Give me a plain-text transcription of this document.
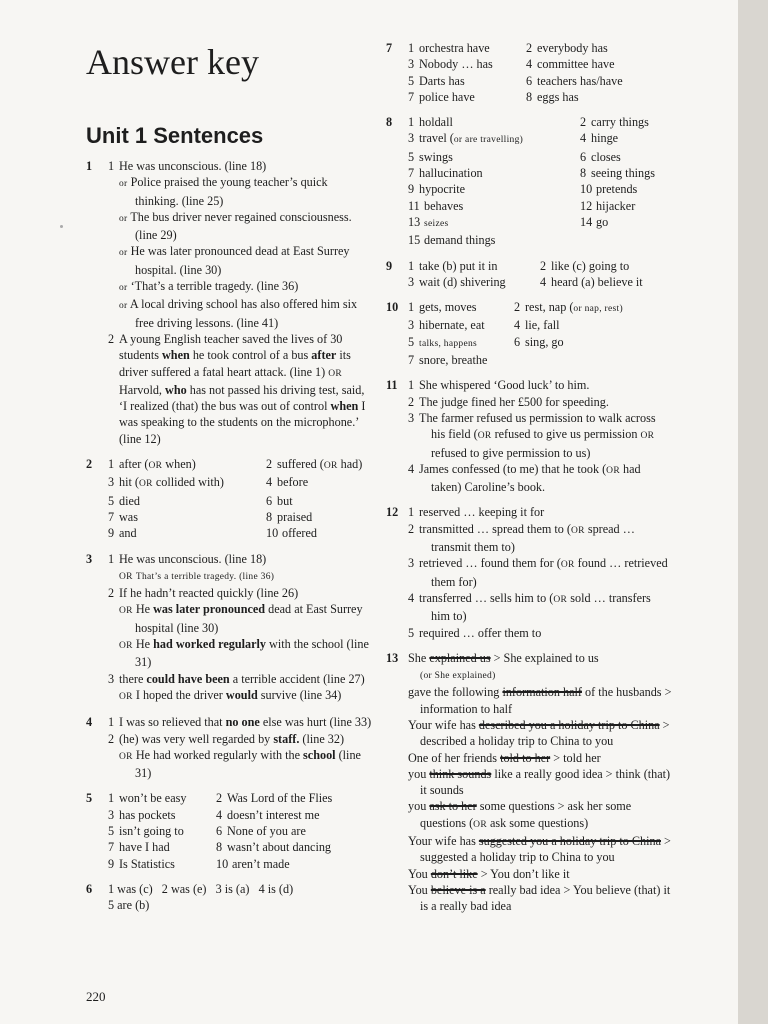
Answer key
Unit 1 Sentences
1	1 He was unconscious. (line 18)
or Police praised the young teacher’s quick thinking. (line 25)
or The bus driver never regained consciousness. (line 29)
or He was later pronounced dead at East Surrey hospital. (line 30)
or ‘That’s a terrible tragedy. (line 36)
or A local driving school has also offered him six free driving lessons. (line 41)
2 A young English teacher saved the lives of 30 students when he took control of a bus after its driver suffered a fatal heart attack. (line 1) OR Harvold, who has not passed his driving test, said, ‘I realized (that) the bus was out of control when I was speaking to the students on the microphone.’ (line 12)
2	1 after (OR when)	2 suffered (OR had)
3 hit (OR collided with)	4 before
5 died	6 but
7 was	8 praised
9 and	10 offered
3	1 He was unconscious. (line 18)
OR That’s a terrible tragedy. (line 36)
2 If he hadn’t reacted quickly (line 26)
OR He was later pronounced dead at East Surrey hospital (line 30)
OR He had worked regularly with the school (line 31)
3 there could have been a terrible accident (line 27)
OR I hoped the driver would survive (line 34)
4	1 I was so relieved that no one else was hurt (line 33)
2 (he) was very well regarded by staff. (line 32)
OR He had worked regularly with the school (line 31)
5	1 won’t be easy	2 Was Lord of the Flies
3 has pockets	4 doesn’t interest me
5 isn’t going to	6 None of you are
7 have I had	8 wasn’t about dancing
9 Is Statistics	10 aren’t made
6	1 was (c)   2 was (e)   3 is (a)   4 is (d)
5 are (b)
7	1 orchestra have	2 everybody has
3 Nobody … has	4 committee have
5 Darts has	6 teachers has/have
7 police have	8 eggs has
8	1 holdall	2 carry things
3 travel (or are travelling)	4 hinge
5 swings	6 closes
7 hallucination	8 seeing things
9 hypocrite	10 pretends
11 behaves	12 hijacker
13 seizes	14 go
15 demand things
9	1 take (b) put it in	2 like (c) going to
3 wait (d) shivering	4 heard (a) believe it
10 1 gets, moves	2 rest, nap (or nap, rest)
3 hibernate, eat	4 lie, fall
5 talks, happens	6 sing, go
7 snore, breathe
11 1 She whispered ‘Good luck’ to him.
2 The judge fined her £500 for speeding.
3 The farmer refused us permission to walk across his field (OR refused to give us permission OR refused to give permission to us)
4 James confessed (to me) that he took (OR had taken) Caroline’s book.
12 1 reserved … keeping it for
2 transmitted … spread them to (OR spread … transmit them to)
3 retrieved … found them for (OR found … retrieved them for)
4 transferred … sells him to (OR sold … transfers him to)
5 required … offer them to
13 She explained us > She explained to us
(or She explained)
gave the following information half of the husbands > information to half
Your wife has described you a holiday trip to China > described a holiday trip to China to you
One of her friends told to her > told her
you think sounds like a really good idea > think (that) it sounds
you ask to her some questions > ask her some questions (OR ask some questions)
Your wife has suggested you a holiday trip to China > suggested a holiday trip to China to you
You don’t like > You don’t like it
You believe is a really bad idea > You believe (that) it is a really bad idea
220
